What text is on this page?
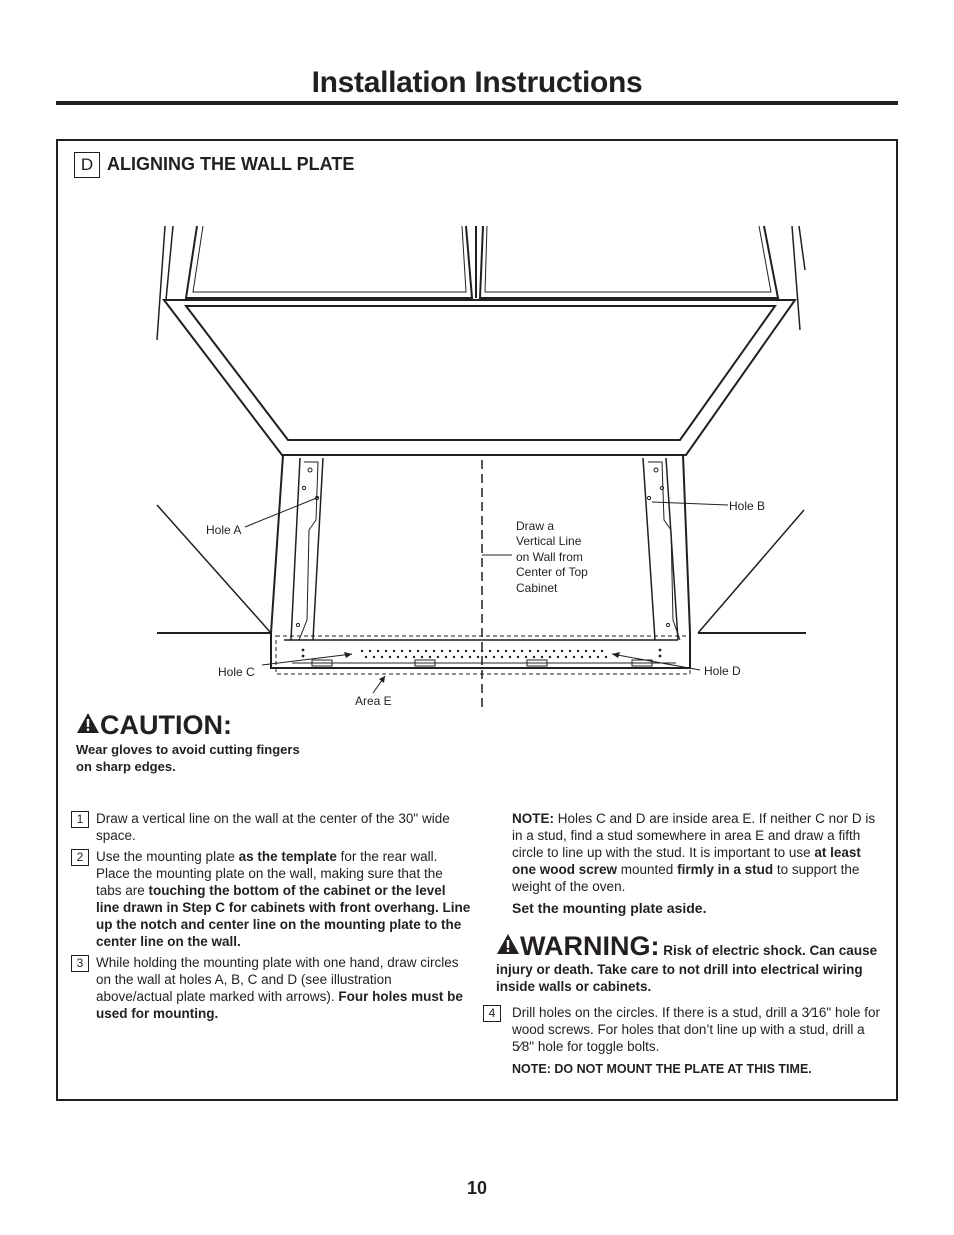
Installation Instructions
D ALIGNING THE WALL PLATE
Hole A
Hole B
Hole C	Hole D
Area E
Draw a
Vertical Line
on Wall from
Center of Top
Cabinet
CAUTION:
Wear gloves to avoid cutting fingers on sharp edges.
1 Draw a vertical line on the wall at the center of the 30" wide space.
2 Use the mounting plate as the template for the rear wall. Place the mounting plate on the wall, making sure that the tabs are touching the bottom of the cabinet or the level line drawn in Step C for cabinets with front overhang. Line up the notch and center line on the mounting plate to the center line on the wall.
3 While holding the mounting plate with one hand, draw circles on the wall at holes A, B, C and D (see illustration above/actual plate marked with arrows). Four holes must be used for mounting.
NOTE: Holes C and D are inside area E. If neither C nor D is in a stud, find a stud somewhere in area E and draw a fifth circle to line up with the stud. It is important to use at least one wood screw mounted firmly in a stud to support the weight of the oven.
Set the mounting plate aside.
WARNING: Risk of electric shock. Can cause injury or death. Take care to not drill into electrical wiring inside walls or cabinets.
4	Drill holes on the circles. If there is a stud, drill a 3⁄16" hole for wood screws. For holes that don’t line up with a stud, drill a 5⁄8" hole for toggle bolts.
NOTE: DO NOT MOUNT THE PLATE AT THIS TIME.
10
